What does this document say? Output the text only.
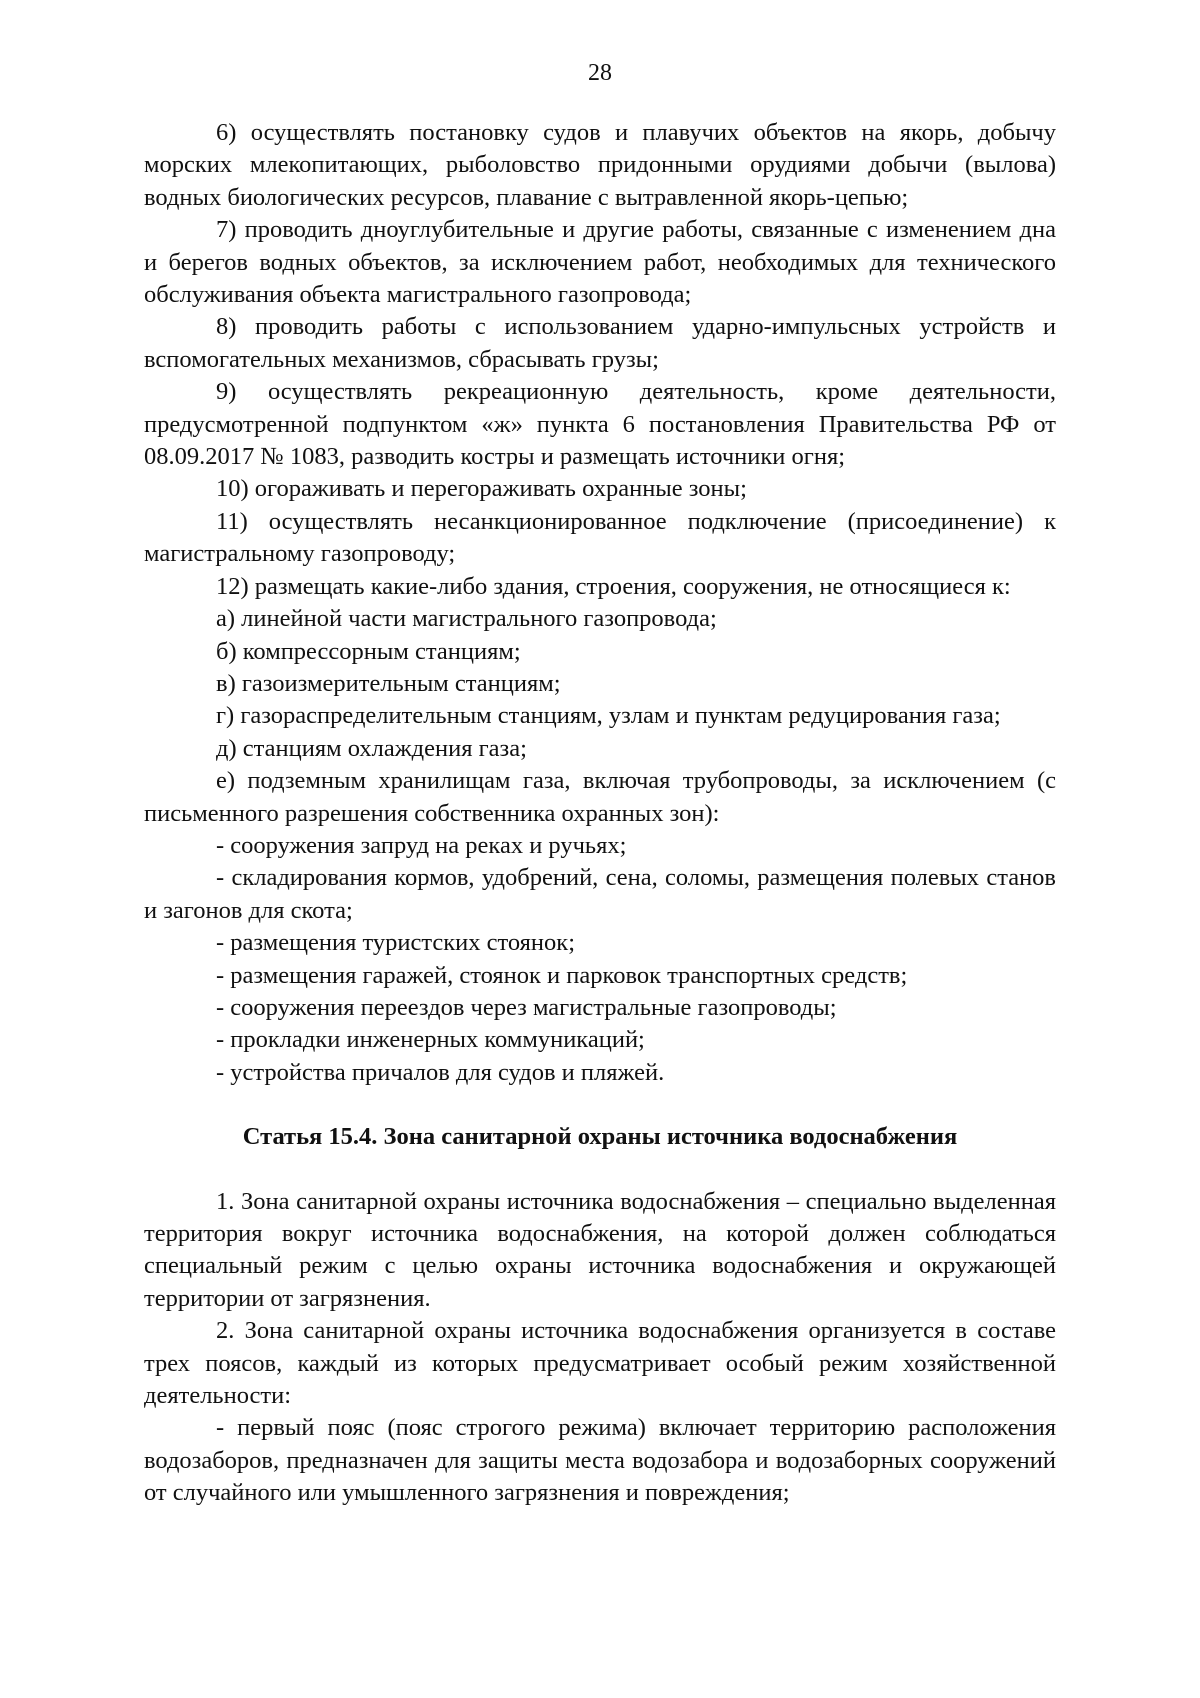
28

6) осуществлять постановку судов и плавучих объектов на якорь, добычу морских млекопитающих, рыболовство придонными орудиями добычи (вылова) водных биологических ресурсов, плавание с вытравленной якорь-цепью;

7) проводить дноуглубительные и другие работы, связанные с изменением дна и берегов водных объектов, за исключением работ, необходимых для технического обслуживания объекта магистрального газопровода;

8) проводить работы с использованием ударно-импульсных устройств и вспомогательных механизмов, сбрасывать грузы;

9) осуществлять рекреационную деятельность, кроме деятельности, предусмотренной подпунктом «ж» пункта 6 постановления Правительства РФ от 08.09.2017 № 1083, разводить костры и размещать источники огня;

10) огораживать и перегораживать охранные зоны;

11) осуществлять несанкционированное подключение (присоединение) к магистральному газопроводу;

12) размещать какие-либо здания, строения, сооружения, не относящиеся к:

а) линейной части магистрального газопровода;

б) компрессорным станциям;

в) газоизмерительным станциям;

г) газораспределительным станциям, узлам и пунктам редуцирования газа;

д) станциям охлаждения газа;

е) подземным хранилищам газа, включая трубопроводы, за исключением (с письменного разрешения собственника охранных зон):

- сооружения запруд на реках и ручьях;

- складирования кормов, удобрений, сена, соломы, размещения полевых станов и загонов для скота;

- размещения туристских стоянок;

- размещения гаражей, стоянок и парковок транспортных средств;

- сооружения переездов через магистральные газопроводы;

- прокладки инженерных коммуникаций;

- устройства причалов для судов и пляжей.

Статья 15.4. Зона санитарной охраны источника водоснабжения

1. Зона санитарной охраны источника водоснабжения – специально выделенная территория вокруг источника водоснабжения, на которой должен соблюдаться специальный режим с целью охраны источника водоснабжения и окружающей территории от загрязнения.

2. Зона санитарной охраны источника водоснабжения организуется в составе трех поясов, каждый из которых предусматривает особый режим хозяйственной деятельности:

- первый пояс (пояс строгого режима) включает территорию расположения водозаборов, предназначен для защиты места водозабора и водозаборных сооружений от случайного или умышленного загрязнения и повреждения;
